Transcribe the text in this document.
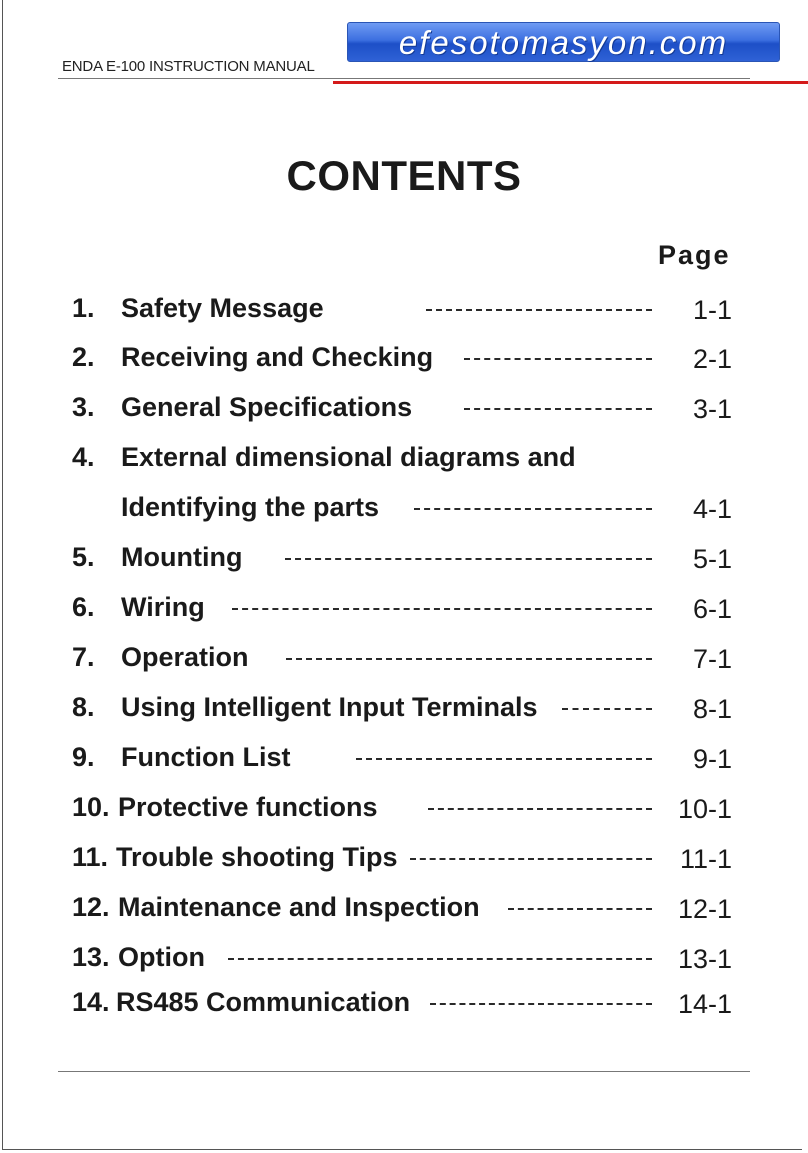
ENDA E-100 INSTRUCTION MANUAL
efesotomasyon.com
CONTENTS
Page
1. Safety Message	1-1
2. Receiving and Checking	2-1
3. General Specifications	3-1
4. External dimensional diagrams and
Identifying the parts	4-1
5. Mounting	5-1
6. Wiring	6-1
7. Operation	7-1
8. Using Intelligent Input Terminals	8-1
9. Function List	9-1
10. Protective functions	10-1
11. Trouble shooting Tips	11-1
12. Maintenance and Inspection	12-1
13. Option	13-1
14. RS485 Communication	14-1
